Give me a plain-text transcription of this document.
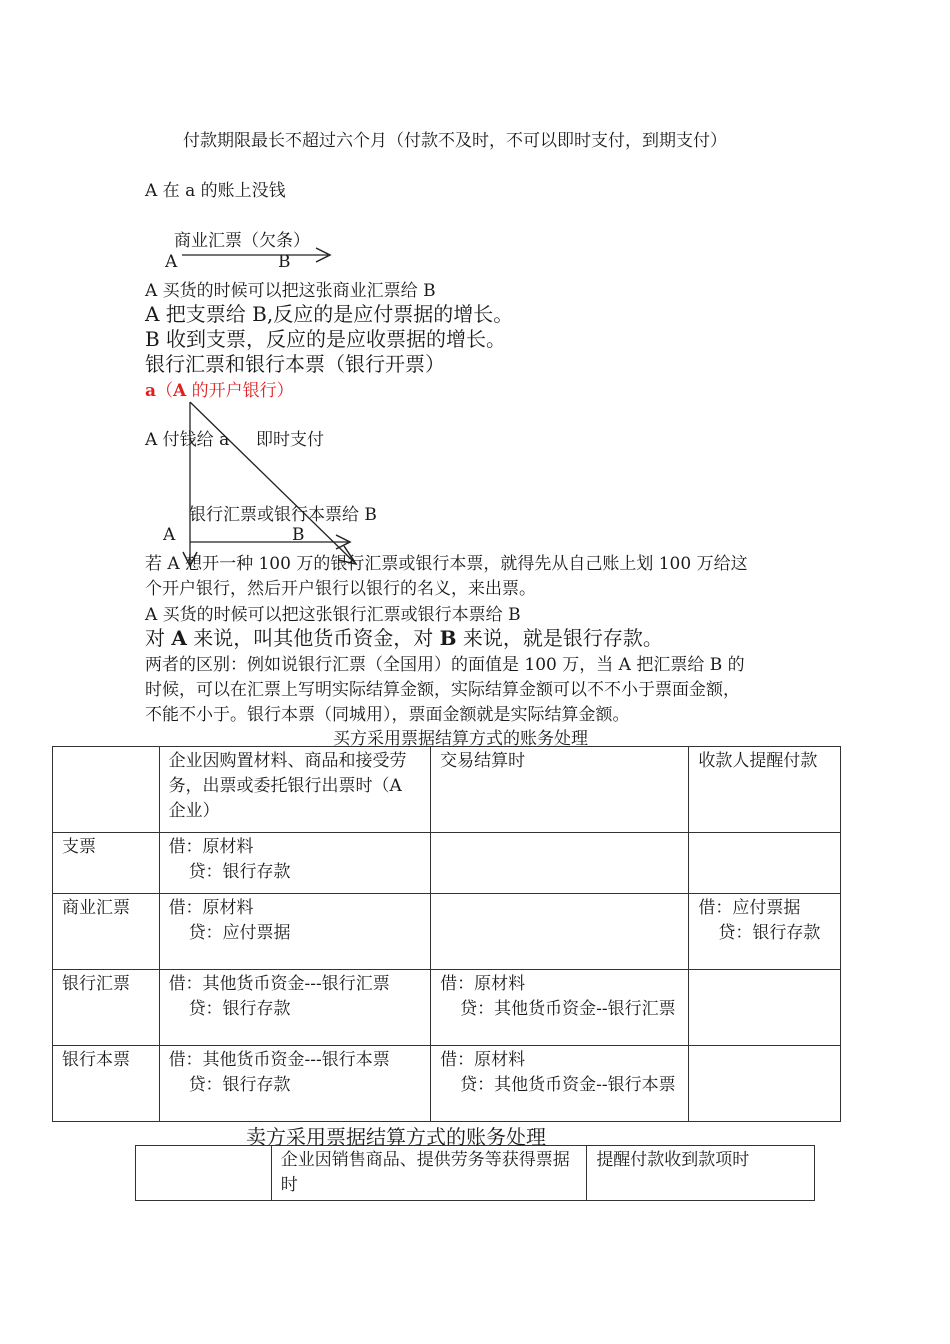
付款期限最长不超过六个月（付款不及时，不可以即时支付，到期支付）
A 在 a 的账上没钱
商业汇票（欠条）
A	B
A 买货的时候可以把这张商业汇票给 B
A 把支票给 B,反应的是应付票据的增长。
B 收到支票，反应的是应收票据的增长。
银行汇票和银行本票（银行开票）
a（A 的开户银行）
A 付钱给 a 即时支付
银行汇票或银行本票给 B
A	B
若 A 想开一种 100 万的银行汇票或银行本票，就得先从自己账上划 100 万给这
个开户银行，然后开户银行以银行的名义，来出票。
A 买货的时候可以把这张银行汇票或银行本票给 B
对 A 来说，叫其他货币资金，对 B 来说，就是银行存款。
两者的区别：例如说银行汇票（全国用）的面值是 100 万，当 A 把汇票给 B 的
时候，可以在汇票上写明实际结算金额，实际结算金额可以不不小于票面金额，
不能不小于。银行本票（同城用），票面金额就是实际结算金额。
买方采用票据结算方式的账务处理
	企业因购置材料、商品和接受劳务，出票或委托银行出票时（A 企业）	交易结算时	收款人提醒付款
支票	借：原材料
贷：银行存款		

商业汇票	借：原材料
贷：应付票据		借：应付票据
贷：银行存款

银行汇票	借：其他货币资金---银行汇票
贷：银行存款	借：原材料
贷：其他货币资金--银行汇票	

银行本票	借：其他货币资金---银行本票
贷：银行存款	借：原材料
贷：其他货币资金--银行本票	

卖方采用票据结算方式的账务处理
	企业因销售商品、提供劳务等获得票据时	提醒付款收到款项时
